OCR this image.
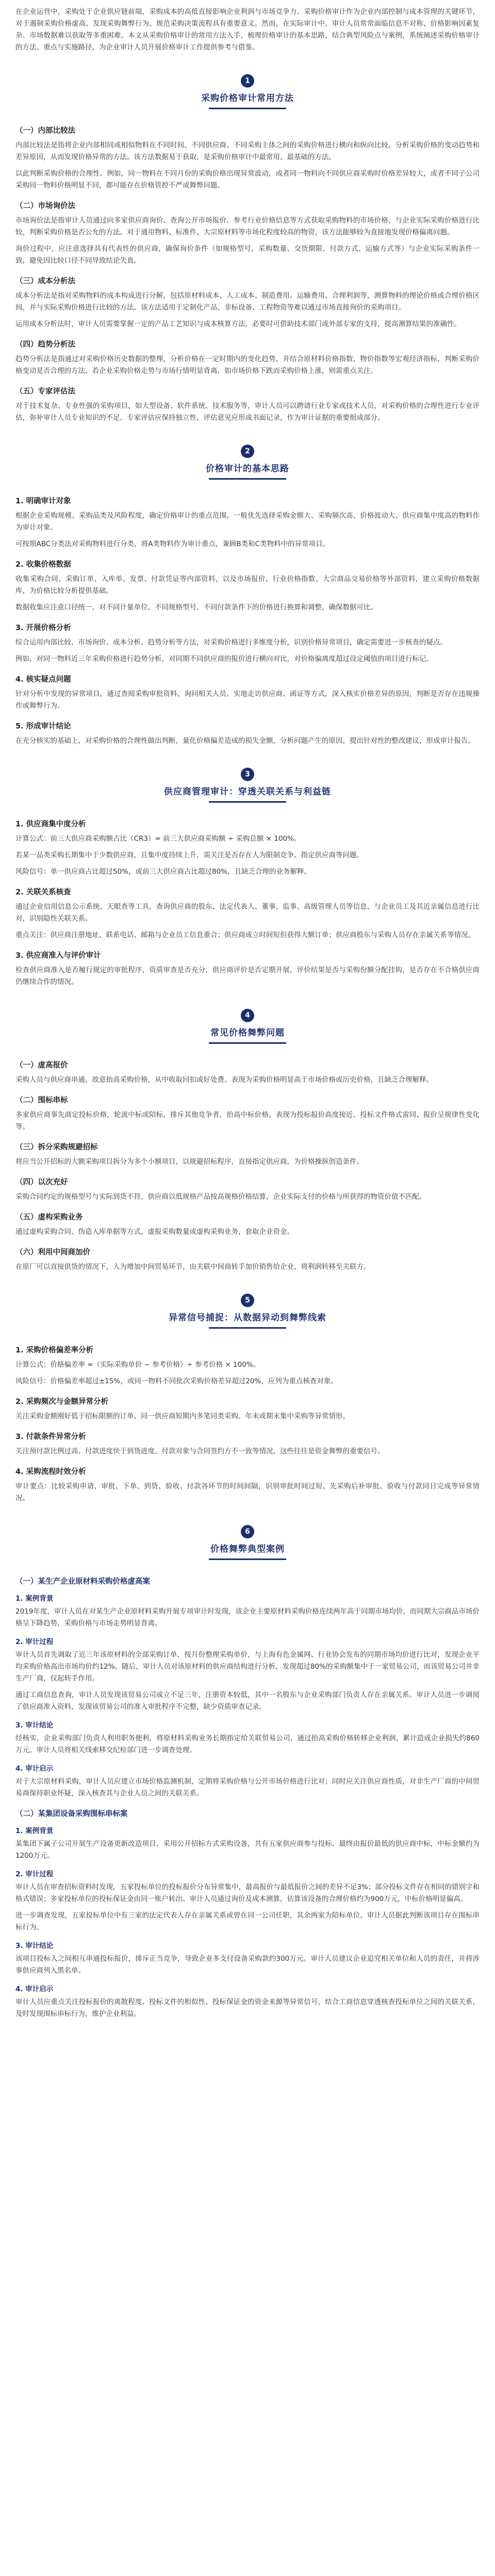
在企业运营中，采购处于企业供应链前端，采购成本的高低直接影响企业利润与市场竞争力。采购价格审计作为企业内部控制与成本管理的关键环节，对于遏制采购价格虚高、发现采购舞弊行为、规范采购决策流程具有重要意义。然而，在实际审计中，审计人员常常面临信息不对称、价格影响因素复杂、市场数据难以获取等多重困难。本文从采购价格审计的常用方法入手，梳理价格审计的基本思路，结合典型风险点与案例，系统阐述采购价格审计的方法、重点与实施路径，为企业审计人员开展价格审计工作提供参考与借鉴。

1

采购价格审计常用方法
（一）内部比较法

内部比较法是指将企业内部相同或相似物料在不同时间、不同供应商、不同采购主体之间的采购价格进行横向和纵向比较，分析采购价格的变动趋势和差异原因，从而发现价格异常的方法。该方法数据易于获取，是采购价格审计中最常用、最基础的方法。

以此判断采购价格的合理性。例如，同一物料在不同月份的采购价格出现异常波动，或者同一物料向不同供应商采购时价格差异较大，或者不同子公司采购同一物料价格明显不同，都可能存在价格管控不严或舞弊问题。

（二）市场询价法

市场询价法是指审计人员通过向多家供应商询价、查询公开市场报价、参考行业价格信息等方式获取采购物料的市场价格，与企业实际采购价格进行比较，判断采购价格是否公允的方法。对于通用物料、标准件、大宗原材料等市场化程度较高的物资，该方法能够较为直接地发现价格偏离问题。

询价过程中，应注意选择具有代表性的供应商，确保询价条件（如规格型号、采购数量、交货期限、付款方式、运输方式等）与企业实际采购条件一致，避免因比较口径不同导致结论失真。

（三）成本分析法

成本分析法是指对采购物料的成本构成进行分解，包括原材料成本、人工成本、制造费用、运输费用、合理利润等，测算物料的理论价格或合理价格区间，并与实际采购价格进行比较的方法。该方法适用于定制化产品、非标设备、工程物资等难以通过市场直接询价的采购项目。

运用成本分析法时，审计人员需要掌握一定的产品工艺知识与成本核算方法，必要时可借助技术部门或外部专家的支持，提高测算结果的准确性。

（四）趋势分析法

趋势分析法是指通过对采购价格历史数据的整理，分析价格在一定时期内的变化趋势，并结合原材料价格指数、物价指数等宏观经济指标，判断采购价格变动是否合理的方法。若企业采购价格走势与市场行情明显背离，如市场价格下跌而采购价格上涨，则需重点关注。

（五）专家评估法

对于技术复杂、专业性强的采购项目，如大型设备、软件系统、技术服务等，审计人员可以聘请行业专家或技术人员，对采购价格的合理性进行专业评估，弥补审计人员专业知识的不足。专家评估应保持独立性，评估意见应形成书面记录，作为审计证据的重要组成部分。

2

价格审计的基本思路
1. 明确审计对象

根据企业采购规模、采购品类及风险程度，确定价格审计的重点范围。一般优先选择采购金额大、采购频次高、价格波动大、供应商集中度高的物料作为审计对象。

可按照ABC分类法对采购物料进行分类，将A类物料作为审计重点，兼顾B类和C类物料中的异常项目。

2. 收集价格数据

收集采购合同、采购订单、入库单、发票、付款凭证等内部资料，以及市场报价、行业价格指数、大宗商品交易价格等外部资料，建立采购价格数据库，为价格比较分析提供基础。

数据收集应注意口径统一，对不同计量单位、不同规格型号、不同付款条件下的价格进行换算和调整，确保数据可比。

3. 开展价格分析

综合运用内部比较、市场询价、成本分析、趋势分析等方法，对采购价格进行多维度分析，识别价格异常项目，确定需要进一步核查的疑点。

例如，对同一物料近三年采购价格进行趋势分析，对同期不同供应商的报价进行横向对比，对价格偏离度超过设定阈值的项目进行标记。

4. 核实疑点问题

针对分析中发现的异常项目，通过查阅采购审批资料、询问相关人员、实地走访供应商、函证等方式，深入核实价格差异的原因，判断是否存在违规操作或舞弊行为。

5. 形成审计结论

在充分核实的基础上，对采购价格的合理性做出判断，量化价格偏差造成的损失金额，分析问题产生的原因，提出针对性的整改建议，形成审计报告。

3

供应商管理审计：穿透关联关系与利益链
1. 供应商集中度分析

计算公式：前三大供应商采购额占比（CR3）= 前三大供应商采购额 ÷ 采购总额 × 100%。

若某一品类采购长期集中于少数供应商，且集中度持续上升，需关注是否存在人为限制竞争、指定供应商等问题。

风险信号：单一供应商占比超过50%，或前三大供应商占比超过80%，且缺乏合理的业务解释。

2. 关联关系核查

通过企业信用信息公示系统、天眼查等工具，查询供应商的股东、法定代表人、董事、监事、高级管理人员等信息，与企业员工及其近亲属信息进行比对，识别隐性关联关系。

重点关注：供应商注册地址、联系电话、邮箱与企业员工信息重合；供应商成立时间短但获得大额订单；供应商股东与采购人员存在亲属关系等情况。

3. 供应商准入与评价审计

检查供应商准入是否履行规定的审批程序，资质审查是否充分，供应商评价是否定期开展，评价结果是否与采购份额分配挂钩，是否存在不合格供应商仍继续合作的情况。

4

常见价格舞弊问题
（一）虚高报价

采购人员与供应商串通，故意抬高采购价格，从中收取回扣或好处费。表现为采购价格明显高于市场价格或历史价格，且缺乏合理解释。

（二）围标串标

多家供应商事先商定投标价格，轮流中标或陪标，排斥其他竞争者，抬高中标价格。表现为投标报价高度接近、投标文件格式雷同、报价呈规律性变化等。

（三）拆分采购规避招标

将应当公开招标的大额采购项目拆分为多个小额项目，以规避招标程序，直接指定供应商，为价格操纵创造条件。

（四）以次充好

采购合同约定的规格型号与实际到货不符，供应商以低规格产品按高规格价格结算，企业实际支付的价格与所获得的物资价值不匹配。

（五）虚构采购业务

通过虚构采购合同、伪造入库单据等方式，虚报采购数量或虚构采购业务，套取企业资金。

（六）利用中间商加价

在原厂可以直接供货的情况下，人为增加中间贸易环节，由关联中间商转手加价销售给企业，将利润转移至关联方。

5

异常信号捕捉：从数据异动到舞弊线索
1. 采购价格偏差率分析

计算公式：价格偏差率 =（实际采购单价 − 参考价格）÷ 参考价格 × 100%。

风险信号：价格偏差率超过±15%，或同一物料不同批次采购价格差异超过20%，应列为重点核查对象。

2. 采购频次与金额异常分析

关注采购金额刚好低于招标限额的订单、同一供应商短期内多笔同类采购、年末或期末集中采购等异常情形。

3. 付款条件异常分析

关注预付款比例过高、付款进度快于到货进度、付款对象与合同签约方不一致等情况，这些往往是资金舞弊的重要信号。

4. 采购流程时效分析

审计要点：比较采购申请、审批、下单、到货、验收、付款各环节的时间间隔，识别审批时间过短、先采购后补审批、验收与付款同日完成等异常情况。

6

价格舞弊典型案例
（一）某生产企业原材料采购价格虚高案
1. 案例背景

2019年度，审计人员在对某生产企业原材料采购开展专项审计时发现，该企业主要原材料采购价格连续两年高于同期市场均价，而同期大宗商品市场价格呈下降趋势，采购价格与市场走势明显背离。

2. 审计过程

审计人员首先调取了近三年该原材料的全部采购订单，按月份整理采购单价，与上海有色金属网、行业协会发布的同期市场均价进行比对，发现企业平均采购价格高出市场均价约12%。随后，审计人员对该原材料的供应商结构进行分析，发现超过80%的采购额集中于一家贸易公司，而该贸易公司并非生产厂商，仅起转手作用。

通过工商信息查询，审计人员发现该贸易公司成立不足三年，注册资本较低，其中一名股东与企业采购部门负责人存在亲属关系。审计人员进一步调阅了供应商准入资料，发现该贸易公司的准入审批程序不完整，缺少资质审查记录。

3. 审计结论

经核实，企业采购部门负责人利用职务便利，将原材料采购业务长期指定给关联贸易公司，通过抬高采购价格转移企业利润，累计造成企业损失约860万元。审计人员将相关线索移交纪检部门进一步调查处理。

4. 审计启示

对于大宗原材料采购，审计人员应建立市场价格监测机制，定期将采购价格与公开市场价格进行比对；同时应关注供应商性质，对非生产厂商的中间贸易商保持职业怀疑，深入核查其与企业人员之间的关联关系。

（二）某集团设备采购围标串标案
1. 案例背景

某集团下属子公司开展生产设备更新改造项目，采用公开招标方式采购设备，共有五家供应商参与投标，最终由报价最低的供应商中标，中标金额约为1200万元。

2. 审计过程

审计人员在审查招标资料时发现，五家投标单位的投标报价分布异常集中，最高报价与最低报价之间的差异不足3%；部分投标文件存在相同的错别字和格式错误；多家投标单位的投标保证金由同一账户转出。审计人员通过询价及成本测算，估算该设备的合理价格约为900万元，中标价格明显偏高。

进一步调查发现，五家投标单位中有三家的法定代表人存在亲属关系或曾在同一公司任职，其余两家为陪标单位。审计人员据此判断该项目存在围标串标行为。

3. 审计结论

该项目投标人之间相互串通投标报价，排斥正当竞争，导致企业多支付设备采购款约300万元。审计人员建议企业追究相关单位和人员的责任，并将涉事供应商列入黑名单。

4. 审计启示

审计人员应重点关注投标报价的离散程度、投标文件的相似性、投标保证金的资金来源等异常信号，结合工商信息穿透核查投标单位之间的关联关系，及时发现围标串标行为，维护企业利益。
